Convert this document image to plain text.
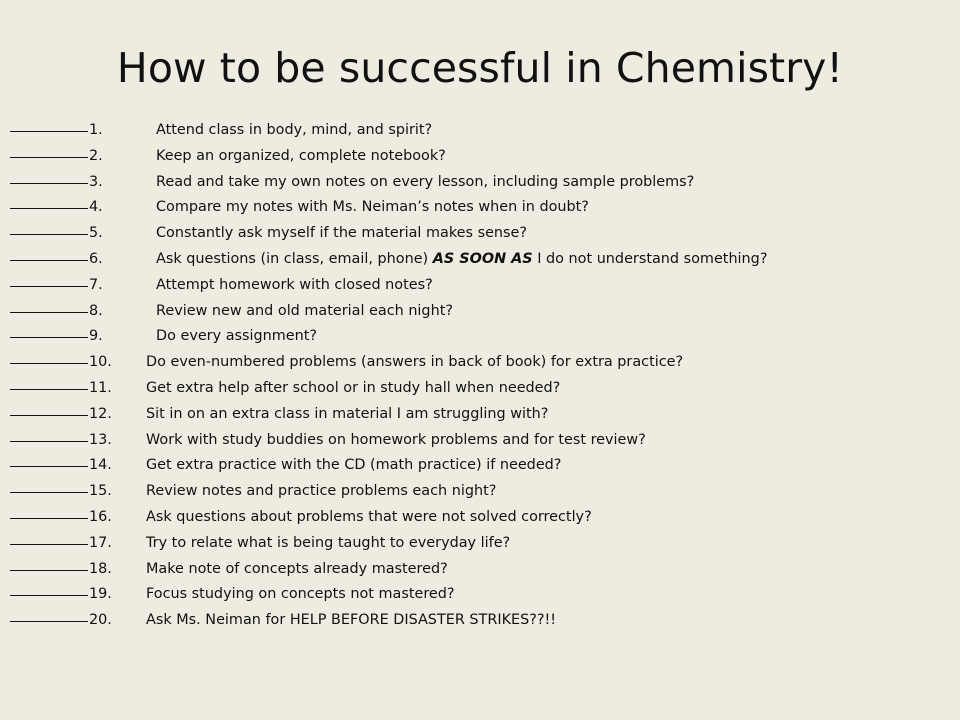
How to be successful in Chemistry!
1.	Attend class in body, mind, and spirit?
2.	Keep an organized, complete notebook?
3.	Read and take my own notes on every lesson, including sample problems?
4.	Compare my notes with Ms. Neiman’s notes when in doubt?
5.	Constantly ask myself if the material makes sense?
6.	Ask questions (in class, email, phone) AS SOON AS I do not understand something?
7.	Attempt homework with closed notes?
8.	Review new and old material each night?
9.	Do every assignment?
10. Do even-numbered problems (answers in back of book) for extra practice?
11. Get extra help after school or in study hall when needed?
12. Sit in on an extra class in material I am struggling with?
13. Work with study buddies on homework problems and for test review?
14. Get extra practice with the CD (math practice) if needed?
15. Review notes and practice problems each night?
16. Ask questions about problems that were not solved correctly?
17. Try to relate what is being taught to everyday life?
18. Make note of concepts already mastered?
19. Focus studying on concepts not mastered?
20. Ask Ms. Neiman for HELP BEFORE DISASTER STRIKES??!!
